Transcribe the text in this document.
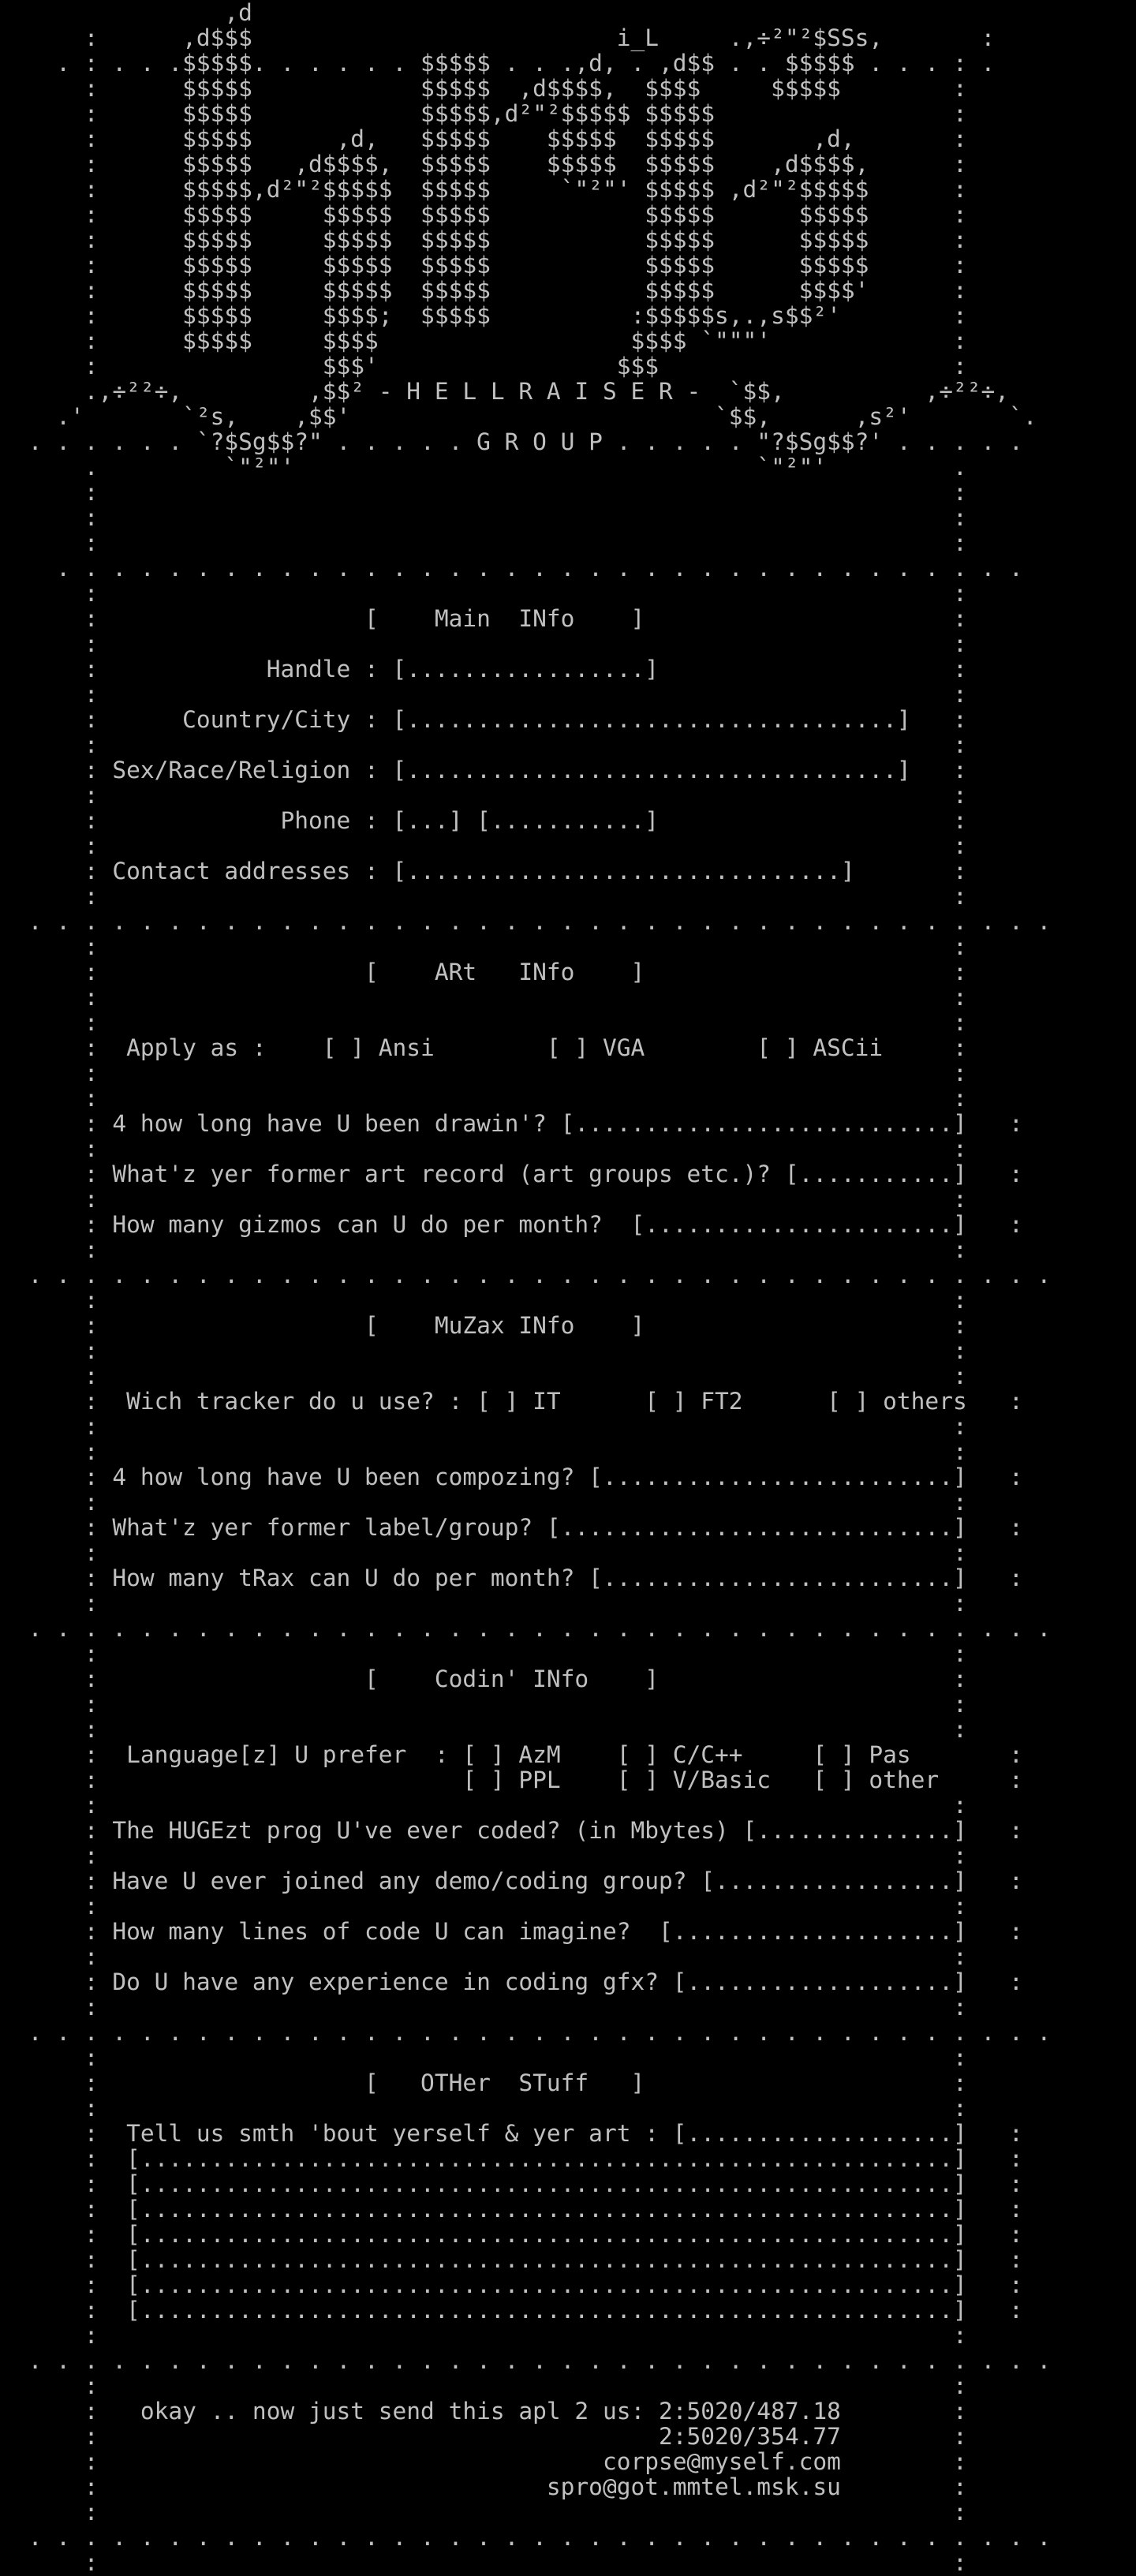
,d
:      ,d$$$                          i_L     .,÷²"²$SSs,       :
. : . . .$$$$$. . . . . . $$$$$ . . .,d, . ,d$$ . . $$$$$ . . . : .
:      $$$$$            $$$$$  ,d$$$$,  $$$$     $$$$$        :
:      $$$$$            $$$$$,d²"²$$$$$ $$$$$                 :
:      $$$$$      ,d,   $$$$$    $$$$$  $$$$$       ,d,       :
:      $$$$$   ,d$$$$,  $$$$$    $$$$$  $$$$$    ,d$$$$,      :
:      $$$$$,d²"²$$$$$  $$$$$     `"²"' $$$$$ ,d²"²$$$$$      :
:      $$$$$     $$$$$  $$$$$           $$$$$      $$$$$      :
:      $$$$$     $$$$$  $$$$$           $$$$$      $$$$$      :
:      $$$$$     $$$$$  $$$$$           $$$$$      $$$$$      :
:      $$$$$     $$$$$  $$$$$           $$$$$      $$$$'      :
:      $$$$$     $$$$;  $$$$$          :$$$$$s,.,s$$²'        :
:      $$$$$     $$$$                  $$$$ `"""'             :
:                $$$'                 $$$                     :
.,÷²²÷,         ,$$² - H E L L R A I S E R -  `$$,          ,÷²²÷,
.'       `²s,    ,$$'                          `$$,      ,s²'       `.
. . . . . . `?$Sg$$?" . . . . . G R O U P . . . . . "?$Sg$$?' . . . . .
.         `"²"'                                 `"²"'         .
:                                                             :
:                                                             :
:                                                             :
. . . . . . . . . . . . . . . . . . . . . . . . . . . . . . . . . . .
:                                                             :
:                   [    Main  INfo    ]                      :
:                                                             :
:            Handle : [.................]                     :
:                                                             :
:      Country/City : [...................................]   :
:                                                             :
: Sex/Race/Religion : [...................................]   :
:                                                             :
:             Phone : [...] [...........]                     :
:                                                             :
: Contact addresses : [...............................]       :
:                                                             :
. . . . . . . . . . . . . . . . . . . . . . . . . . . . . . . . . . . . .
:                                                             :
:                   [    ARt   INfo    ]                      :
:                                                             :
:                                                             :
:  Apply as :    [ ] Ansi        [ ] VGA        [ ] ASCii     :
:                                                             :
:                                                             :
: 4 how long have U been drawin'? [...........................]   :
:                                                             :
: What'z yer former art record (art groups etc.)? [...........]   :
:                                                             :
: How many gizmos can U do per month?  [......................]   :
:                                                             :
. . . . . . . . . . . . . . . . . . . . . . . . . . . . . . . . . . . . .
:                                                             :
:                   [    MuZax INfo    ]                      :
:                                                             :
:                                                             :
:  Wich tracker do u use? : [ ] IT      [ ] FT2      [ ] others   :
:                                                             :
:                                                             :
: 4 how long have U been compozing? [.........................]   :
:                                                             :
: What'z yer former label/group? [............................]   :
:                                                             :
: How many tRax can U do per month? [.........................]   :
:                                                             :
. . . . . . . . . . . . . . . . . . . . . . . . . . . . . . . . . . . . .
:                                                             :
:                   [    Codin' INfo    ]                     :
:                                                             :
:                                                             :
:  Language[z] U prefer  : [ ] AzM    [ ] C/C++     [ ] Pas       :
:                          [ ] PPL    [ ] V/Basic   [ ] other     :
:                                                             :
: The HUGEzt prog U've ever coded? (in Mbytes) [..............]   :
:                                                             :
: Have U ever joined any demo/coding group? [.................]   :
:                                                             :
: How many lines of code U can imagine?  [....................]   :
:                                                             :
: Do U have any experience in coding gfx? [...................]   :
:                                                             :
. . . . . . . . . . . . . . . . . . . . . . . . . . . . . . . . . . . . .
:                                                             :
:                   [   OTHer  STuff   ]                      :
:                                                             :
:  Tell us smth 'bout yerself & yer art : [...................]   :
:  [..........................................................]   :
:  [..........................................................]   :
:  [..........................................................]   :
:  [..........................................................]   :
:  [..........................................................]   :
:  [..........................................................]   :
:  [..........................................................]   :
:                                                             :
. . . . . . . . . . . . . . . . . . . . . . . . . . . . . . . . . . . . .
:                                                             :
:   okay .. now just send this apl 2 us: 2:5020/487.18        :
:                                        2:5020/354.77        :
:                                    corpse@myself.com        :
:                                spro@got.mmtel.msk.su        :
:                                                             :
. . . . . . . . . . . . . . . . . . . . . . . . . . . . . . . . . . . . .
:                                                             :
